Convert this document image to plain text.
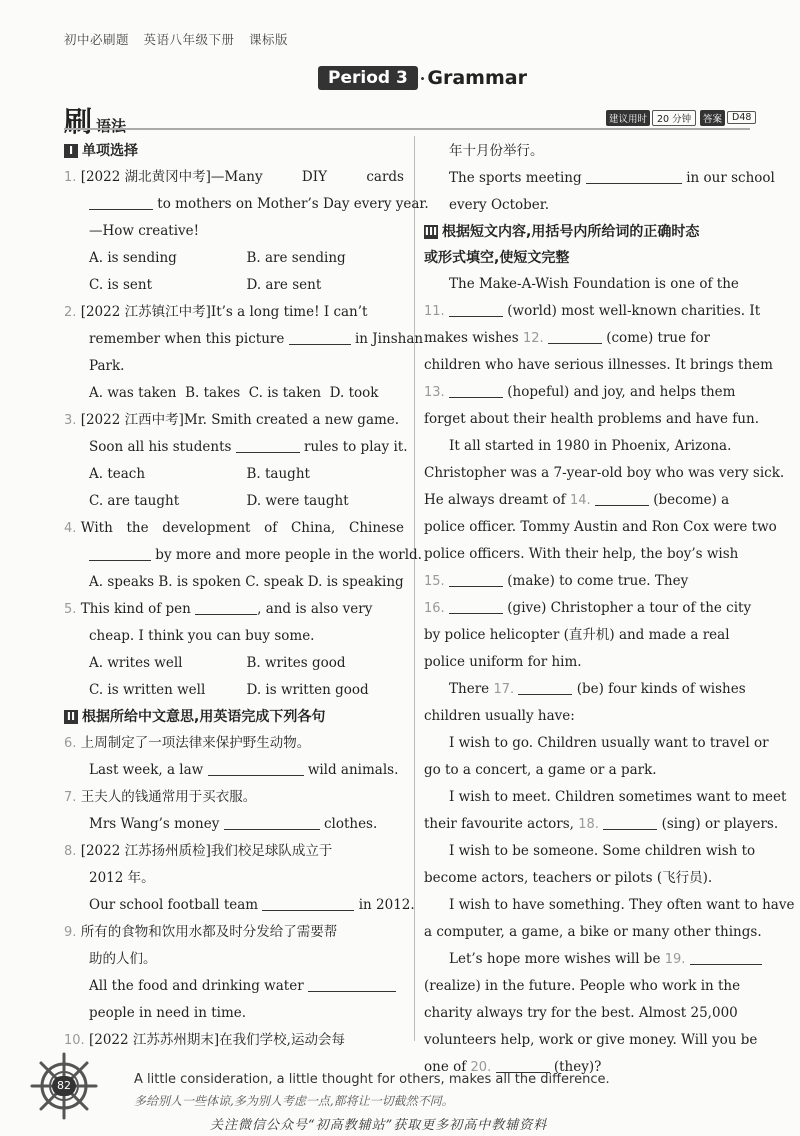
初中必刷题 英语八年级下册 课标版
Period 3 · Grammar
刷 语法	建议用时	20 分钟	答案	D48
I 单项选择
1. [2022 湖北黄冈中考]—Many	DIY	cards
to mothers on Mother’s Day every year.
—How creative!
A. is sending	B. are sending
C. is sent	D. are sent
2. [2022 江苏镇江中考]It’s a long time! I can’t
remember when this picture	in Jinshan
Park.
A. was taken B. takes C. is taken D. took
3. [2022 江西中考]Mr. Smith created a new game.
Soon all his students	rules to play it.
A. teach	B. taught
C. are taught	D. were taught
4. With the development of China, Chinese
by more and more people in the world.
A. speaks B. is spoken C. speak D. is speaking
5. This kind of pen	, and is also very
cheap. I think you can buy some.
A. writes well	B. writes good
C. is written well	D. is written good
II 根据所给中文意思,用英语完成下列各句
6. 上周制定了一项法律来保护野生动物。
Last week, a law	wild animals.
7. 王夫人的钱通常用于买衣服。
Mrs Wang’s money	clothes.
8. [2022 江苏扬州质检]我们校足球队成立于
2012 年。
Our school football team	in 2012.
9. 所有的食物和饮用水都及时分发给了需要帮
助的人们。
All the food and drinking water
people in need in time.
10. [2022 江苏苏州期末]在我们学校,运动会每
年十月份举行。
The sports meeting	in our school
every October.
III 根据短文内容,用括号内所给词的正确时态
或形式填空,使短文完整
The Make-A-Wish Foundation is one of the
11.	(world) most well-known charities. It
makes wishes 12.	(come) true for
children who have serious illnesses. It brings them
13.	(hopeful) and joy, and helps them
forget about their health problems and have fun.
It all started in 1980 in Phoenix, Arizona.
Christopher was a 7-year-old boy who was very sick.
He always dreamt of 14.	(become) a
police officer. Tommy Austin and Ron Cox were two
police officers. With their help, the boy’s wish
15.	(make) to come true. They
16.	(give) Christopher a tour of the city
by police helicopter (直升机) and made a real
police uniform for him.
There 17.	(be) four kinds of wishes
children usually have:
I wish to go. Children usually want to travel or
go to a concert, a game or a park.
I wish to meet. Children sometimes want to meet
their favourite actors, 18.	(sing) or players.
I wish to be someone. Some children wish to
become actors, teachers or pilots (飞行员).
I wish to have something. They often want to have
a computer, a game, a bike or many other things.
Let’s hope more wishes will be 19.
(realize) in the future. People who work in the
charity always try for the best. Almost 25,000
volunteers help, work or give money. Will you be
one of 20.	(they)?
82	A little consideration, a little thought for others, makes all the difference.
多给别人一些体谅,多为别人考虑一点,都将让一切截然不同。
关注微信公众号“初高教辅站”获取更多初高中教辅资料
